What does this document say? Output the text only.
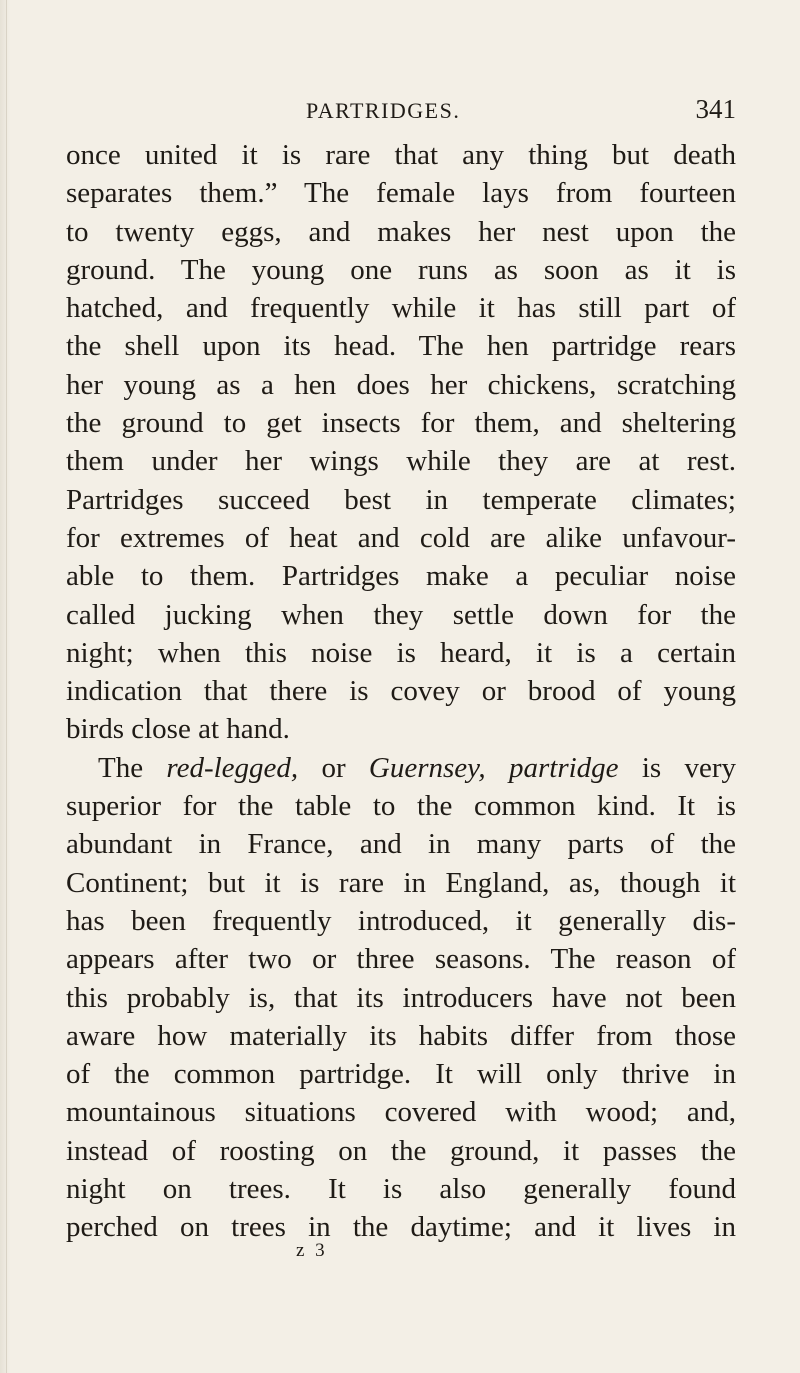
PARTRIDGES.	341
once united it is rare that any thing but death
separates them.” The female lays from fourteen
to twenty eggs, and makes her nest upon the
ground. The young one runs as soon as it is
hatched, and frequently while it has still part of
the shell upon its head. The hen partridge rears
her young as a hen does her chickens, scratching
the ground to get insects for them, and sheltering
them under her wings while they are at rest.
Partridges succeed best in temperate climates;
for extremes of heat and cold are alike unfavour-
able to them. Partridges make a peculiar noise
called jucking when they settle down for the
night; when this noise is heard, it is a certain
indication that there is covey or brood of young
birds close at hand.
The red-legged, or Guernsey, partridge is very
superior for the table to the common kind. It is
abundant in France, and in many parts of the
Continent; but it is rare in England, as, though it
has been frequently introduced, it generally dis-
appears after two or three seasons. The reason of
this probably is, that its introducers have not been
aware how materially its habits differ from those
of the common partridge. It will only thrive in
mountainous situations covered with wood; and,
instead of roosting on the ground, it passes the
night on trees. It is also generally found
perched on trees in the daytime; and it lives in
z 3
